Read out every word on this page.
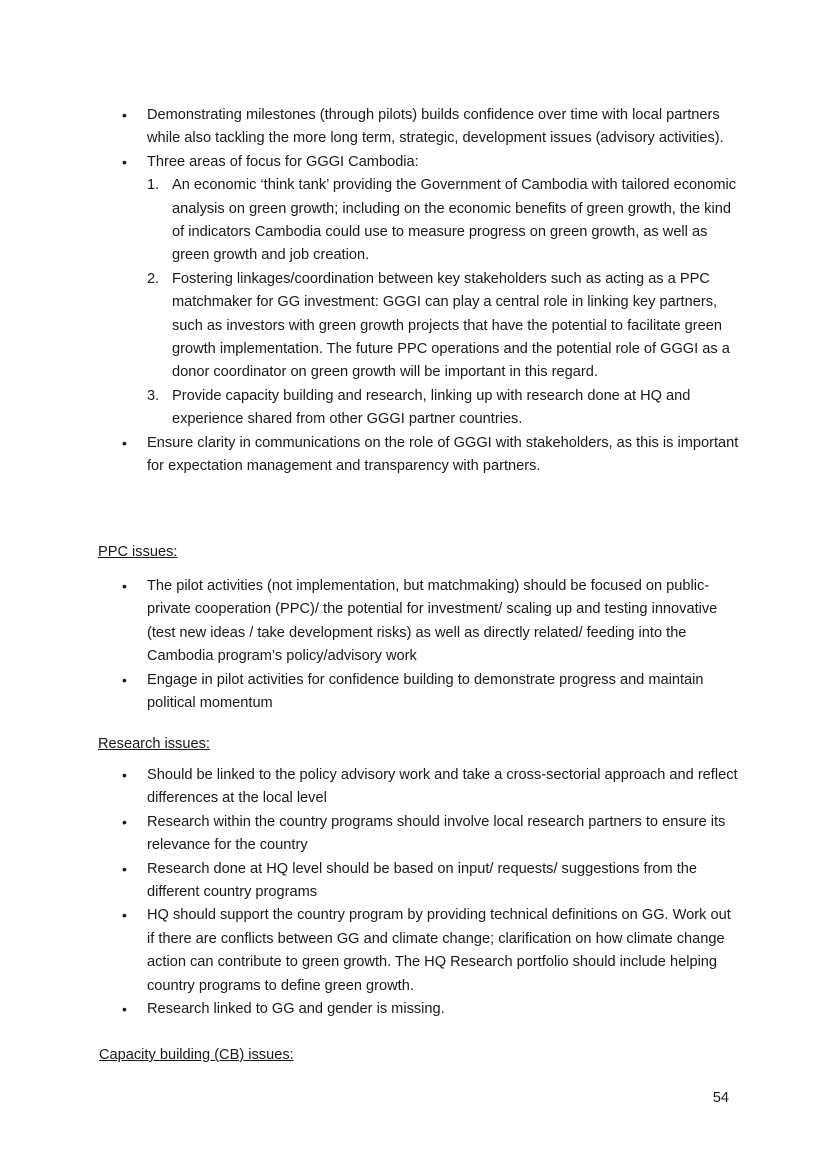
• Demonstrating milestones (through pilots) builds confidence over time with local partners while also tackling the more long term, strategic, development issues (advisory activities).
• Three areas of focus for GGGI Cambodia:
1. An economic ‘think tank’ providing the Government of Cambodia with tailored economic analysis on green growth; including on the economic benefits of green growth, the kind of indicators Cambodia could use to measure progress on green growth, as well as green growth and job creation.
2. Fostering linkages/coordination between key stakeholders such as acting as a PPC matchmaker for GG investment: GGGI can play a central role in linking key partners, such as investors with green growth projects that have the potential to facilitate green growth implementation. The future PPC operations and the potential role of GGGI as a donor coordinator on green growth will be important in this regard.
3. Provide capacity building and research, linking up with research done at HQ and experience shared from other GGGI partner countries.
• Ensure clarity in communications on the role of GGGI with stakeholders, as this is important for expectation management and transparency with partners.
PPC issues:
• The pilot activities (not implementation, but matchmaking) should be focused on public-private cooperation (PPC)/ the potential for investment/ scaling up and testing innovative (test new ideas / take development risks) as well as directly related/ feeding into the Cambodia program’s policy/advisory work
• Engage in pilot activities for confidence building to demonstrate progress and maintain political momentum
Research issues:
• Should be linked to the policy advisory work and take a cross-sectorial approach and reflect differences at the local level
• Research within the country programs should involve local research partners to ensure its relevance for the country
• Research done at HQ level should be based on input/ requests/ suggestions from the different country programs
• HQ should support the country program by providing technical definitions on GG. Work out if there are conflicts between GG and climate change; clarification on how climate change action can contribute to green growth. The HQ Research portfolio should include helping country programs to define green growth.
• Research linked to GG and gender is missing.
Capacity building (CB) issues:
54
